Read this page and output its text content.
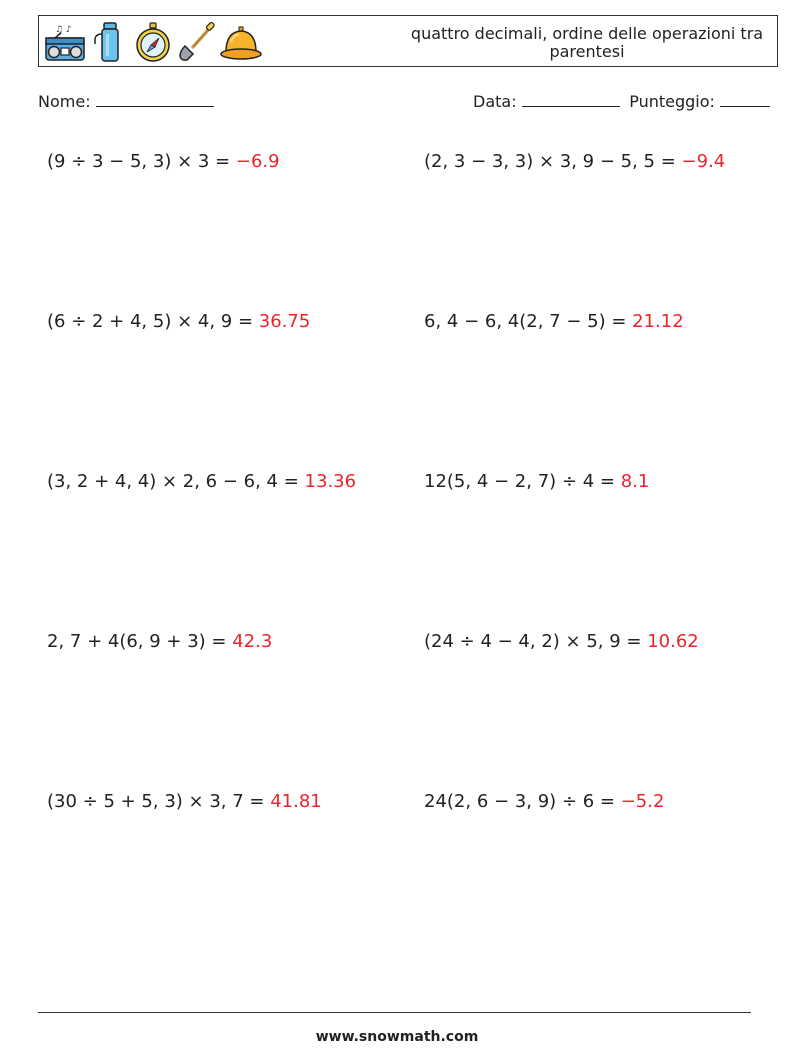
♫ ♪	quattro decimali, ordine delle operazioni tra parentesi
Nome:	Data:	Punteggio:
(9 ÷ 3 − 5, 3) × 3 = −6.9	(2, 3 − 3, 3) × 3, 9 − 5, 5 = −9.4
(6 ÷ 2 + 4, 5) × 4, 9 = 36.75	6, 4 − 6, 4(2, 7 − 5) = 21.12
(3, 2 + 4, 4) × 2, 6 − 6, 4 = 13.36	12(5, 4 − 2, 7) ÷ 4 = 8.1
2, 7 + 4(6, 9 + 3) = 42.3	(24 ÷ 4 − 4, 2) × 5, 9 = 10.62
(30 ÷ 5 + 5, 3) × 3, 7 = 41.81	24(2, 6 − 3, 9) ÷ 6 = −5.2
www.snowmath.com
